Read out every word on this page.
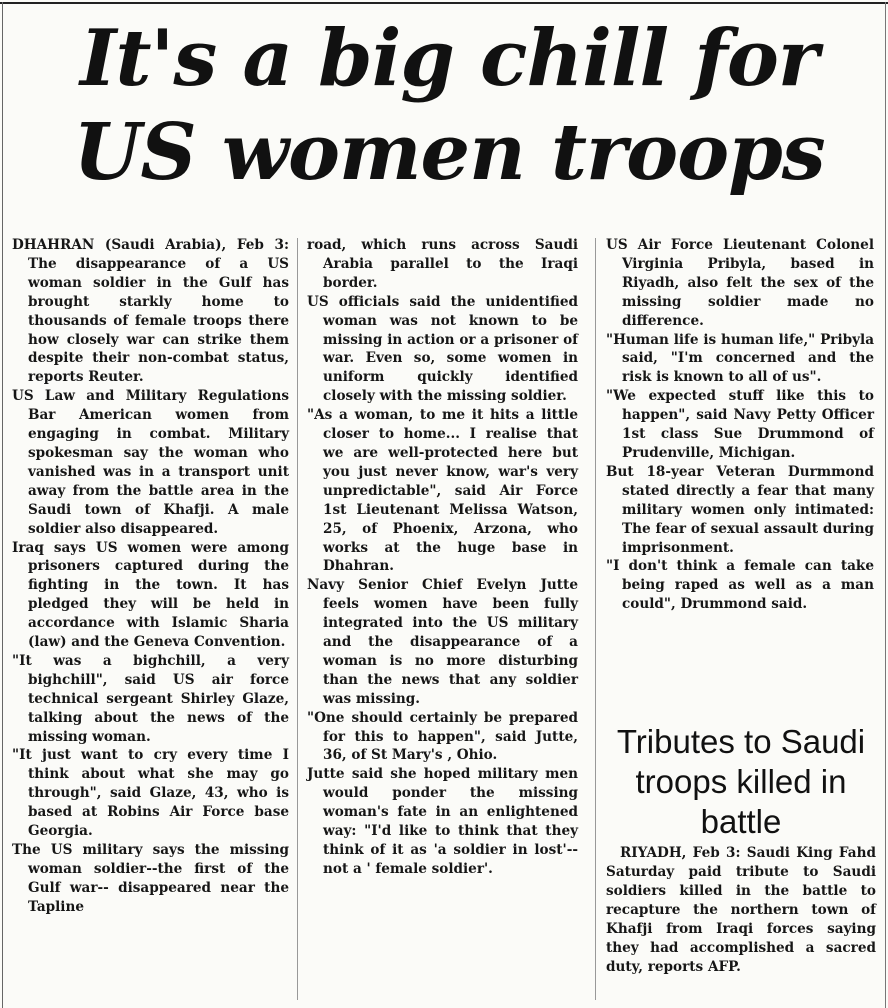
It's a big chill for
US women troops

DHAHRAN (Saudi Arabia), Feb 3: The disappearance of a US woman soldier in the Gulf has brought starkly home to thousands of female troops there how closely war can strike them despite their non-combat status, reports Reuter.

US Law and Military Regulations Bar American women from engaging in combat. Military spokesman say the woman who vanished was in a transport unit away from the battle area in the Saudi town of Khafji. A male soldier also disappeared.

Iraq says US women were among prisoners captured during the fighting in the town. It has pledged they will be held in accordance with Islamic Sharia (law) and the Geneva Convention.

"It was a bighchill, a very bighchill", said US air force technical sergeant Shirley Glaze, talking about the news of the missing woman.

"It just want to cry every time I think about what she may go through", said Glaze, 43, who is based at Robins Air Force base Georgia.

The US military says the missing woman soldier--the first of the Gulf war-- disappeared near the Tapline

road, which runs across Saudi Arabia parallel to the Iraqi border.

US officials said the unidentified woman was not known to be missing in action or a prisoner of war. Even so, some women in uniform quickly identified closely with the missing soldier.

"As a woman, to me it hits a little closer to home... I realise that we are well-protected here but you just never know, war's very unpredictable", said Air Force 1st Lieutenant Melissa Watson, 25, of Phoenix, Arzona, who works at the huge base in Dhahran.

Navy Senior Chief Evelyn Jutte feels women have been fully integrated into the US military and the disappearance of a woman is no more disturbing than the news that any soldier was missing.

"One should certainly be prepared for this to happen", said Jutte, 36, of St Mary's , Ohio.

Jutte said she hoped military men would ponder the missing woman's fate in an enlightened way: "I'd like to think that they think of it as 'a soldier in lost'-- not a ' female soldier'.

US Air Force Lieutenant Colonel Virginia Pribyla, based in Riyadh, also felt the sex of the missing soldier made no difference.

"Human life is human life," Pribyla said, "I'm concerned and the risk is known to all of us".

"We expected stuff like this to happen", said Navy Petty Officer 1st class Sue Drummond of Prudenville, Michigan.

But 18-year Veteran Durmmond stated directly a fear that many military women only intimated: The fear of sexual assault during imprisonment.

"I don't think a female can take being raped as well as a man could", Drummond said.

Tributes to Saudi troops killed in battle

RIYADH, Feb 3: Saudi King Fahd Saturday paid tribute to Saudi soldiers killed in the battle to recapture the northern town of Khafji from Iraqi forces saying they had accomplished a sacred duty, reports AFP.
